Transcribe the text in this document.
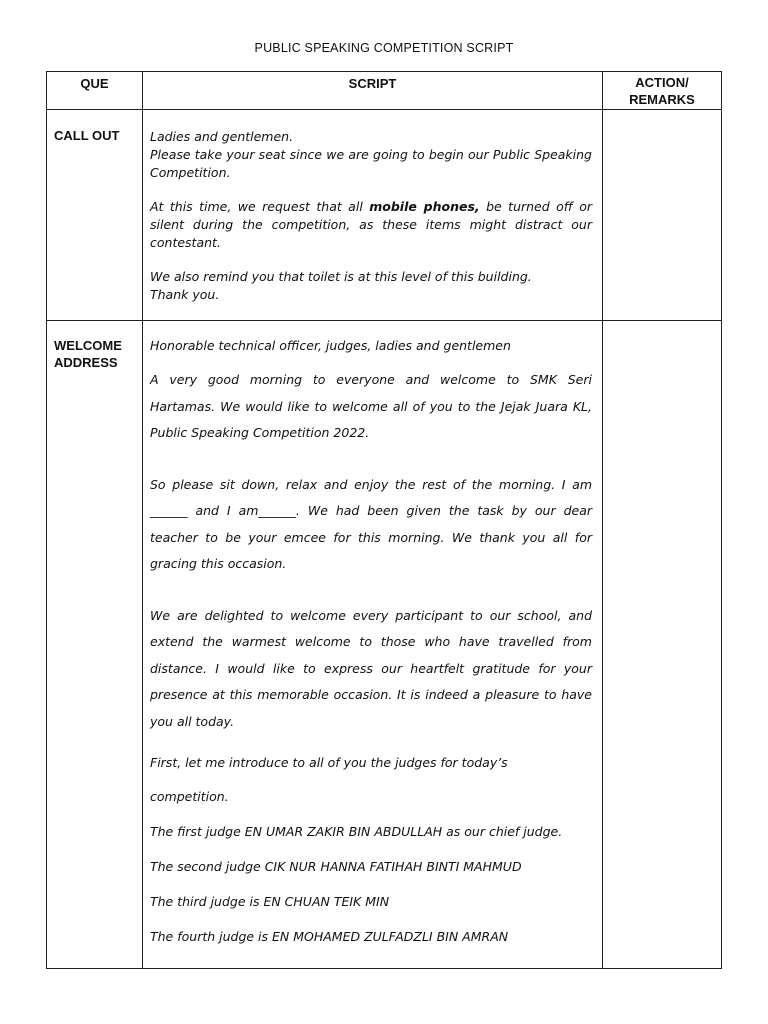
PUBLIC SPEAKING COMPETITION SCRIPT
QUE	SCRIPT	ACTION/
REMARKS
CALL OUT Ladies and gentlemen.

Please take your seat since we are going to begin our Public Speaking Competition.

At this time, we request that all mobile phones, be turned off or silent during the competition, as these items might distract our contestant.

We also remind you that toilet is at this level of this building.

Thank you.

WELCOME ADDRESS

Honorable technical officer, judges, ladies and gentlemen

A very good morning to everyone and welcome to SMK Seri Hartamas. We would like to welcome all of you to the Jejak Juara KL, Public Speaking Competition 2022.

So please sit down, relax and enjoy the rest of the morning. I am ______ and I am______. We had been given the task by our dear teacher to be your emcee for this morning. We thank you all for gracing this occasion.

We are delighted to welcome every participant to our school, and extend the warmest welcome to those who have travelled from distance. I would like to express our heartfelt gratitude for your presence at this memorable occasion. It is indeed a pleasure to have you all today.

First, let me introduce to all of you the judges for today’s

competition.

The first judge EN UMAR ZAKIR BIN ABDULLAH as our chief judge.

The second judge CIK NUR HANNA FATIHAH BINTI MAHMUD

The third judge is EN CHUAN TEIK MIN

The fourth judge is EN MOHAMED ZULFADZLI BIN AMRAN
